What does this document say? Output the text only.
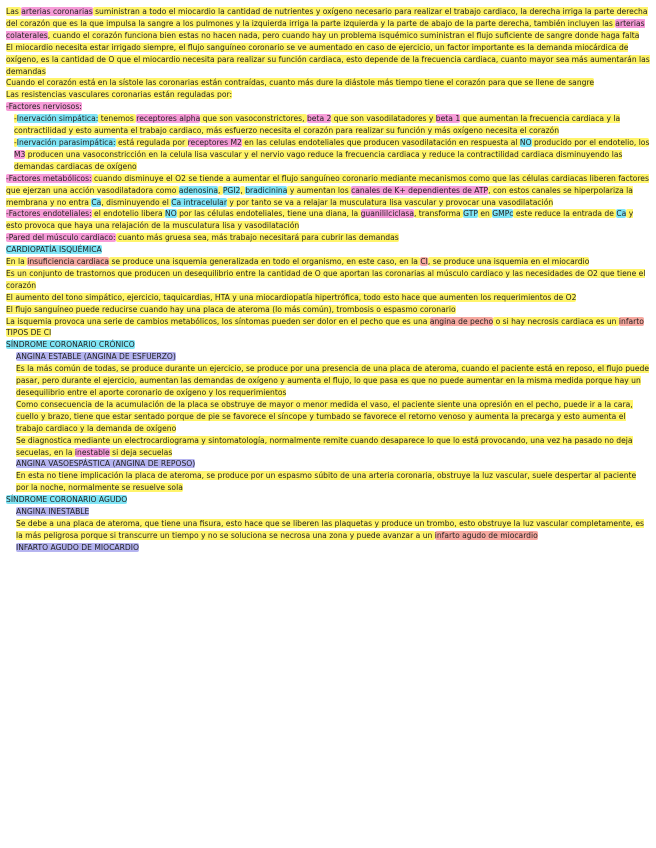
Las arterias coronarias suministran a todo el miocardio la cantidad de nutrientes y oxígeno necesario para realizar el trabajo cardiaco, la derecha irriga la parte derecha del corazón que es la que impulsa la sangre a los pulmones y la izquierda irriga la parte izquierda y la parte de abajo de la parte derecha, también incluyen las arterias colaterales, cuando el corazón funciona bien estas no hacen nada, pero cuando hay un problema isquémico suministran el flujo suficiente de sangre donde haga falta
El miocardio necesita estar irrigado siempre, el flujo sanguíneo coronario se ve aumentado en caso de ejercicio, un factor importante es la demanda miocárdica de oxígeno, es la cantidad de O que el miocardio necesita para realizar su función cardiaca, esto depende de la frecuencia cardiaca, cuanto mayor sea más aumentarán las demandas
Cuando el corazón está en la sístole las coronarias están contraídas, cuanto más dure la diástole más tiempo tiene el corazón para que se llene de sangre
Las resistencias vasculares coronarias están reguladas por:
-Factores nerviosos:
-Inervación simpática: tenemos receptores alpha que son vasoconstrictores, beta 2 que son vasodilatadores y beta 1 que aumentan la frecuencia cardiaca y la contractilidad y esto aumenta el trabajo cardiaco, más esfuerzo necesita el corazón para realizar su función y más oxígeno necesita el corazón
-Inervación parasimpática: está regulada por receptores M2 en las celulas endoteliales que producen vasodilatación en respuesta al NO producido por el endotelio, los M3 producen una vasoconstricción en la celula lisa vascular y el nervio vago reduce la frecuencia cardiaca y reduce la contractilidad cardiaca disminuyendo las demandas cardiacas de oxígeno
-Factores metabólicos: cuando disminuye el O2 se tiende a aumentar el flujo sanguíneo coronario mediante mecanismos como que las células cardiacas liberen factores que ejerzan una acción vasodilatadora como adenosina, PGI2, bradicinina y aumentan los canales de K+ dependientes de ATP, con estos canales se hiperpolariza la membrana y no entra Ca, disminuyendo el Ca intracelular y por tanto se va a relajar la musculatura lisa vascular y provocar una vasodilatación
-Factores endoteliales: el endotelio libera NO por las células endoteliales, tiene una diana, la guanililciclasa, transforma GTP en GMPc este reduce la entrada de Ca y esto provoca que haya una relajación de la musculatura lisa y vasodilatación
-Pared del músculo cardiaco: cuanto más gruesa sea, más trabajo necesitará para cubrir las demandas
CARDIOPATÍA ISQUÉMICA
En la insuficiencia cardiaca se produce una isquemia generalizada en todo el organismo, en este caso, en la CI, se produce una isquemia en el miocardio
Es un conjunto de trastornos que producen un desequilibrio entre la cantidad de O que aportan las coronarias al músculo cardiaco y las necesidades de O2 que tiene el corazón
El aumento del tono simpático, ejercicio, taquicardias, HTA y una miocardiopatía hipertrófica, todo esto hace que aumenten los requerimientos de O2
El flujo sanguíneo puede reducirse cuando hay una placa de ateroma (lo más común), trombosis o espasmo coronario
La isquemia provoca una serie de cambios metabólicos, los síntomas pueden ser dolor en el pecho que es una angina de pecho o si hay necrosis cardiaca es un infarto
TIPOS DE CI
SÍNDROME CORONARIO CRÓNICO
ANGINA ESTABLE (ANGINA DE ESFUERZO)
Es la más común de todas, se produce durante un ejercicio, se produce por una presencia de una placa de ateroma, cuando el paciente está en reposo, el flujo puede pasar, pero durante el ejercicio, aumentan las demandas de oxígeno y aumenta el flujo, lo que pasa es que no puede aumentar en la misma medida porque hay un desequilibrio entre el aporte coronario de oxígeno y los requerimientos
Como consecuencia de la acumulación de la placa se obstruye de mayor o menor medida el vaso, el paciente siente una opresión en el pecho, puede ir a la cara, cuello y brazo, tiene que estar sentado porque de pie se favorece el síncope y tumbado se favorece el retorno venoso y aumenta la precarga y esto aumenta el trabajo cardiaco y la demanda de oxígeno
Se diagnostica mediante un electrocardiograma y sintomatología, normalmente remite cuando desaparece lo que lo está provocando, una vez ha pasado no deja secuelas, en la inestable si deja secuelas
ANGINA VASOESPÁSTICA (ANGINA DE REPOSO)
En esta no tiene implicación la placa de ateroma, se produce por un espasmo súbito de una arteria coronaria, obstruye la luz vascular, suele despertar al paciente por la noche, normalmente se resuelve sola
SÍNDROME CORONARIO AGUDO
ANGINA INESTABLE
Se debe a una placa de ateroma, que tiene una fisura, esto hace que se liberen las plaquetas y produce un trombo, esto obstruye la luz vascular completamente, es la más peligrosa porque si transcurre un tiempo y no se soluciona se necrosa una zona y puede avanzar a un infarto agudo de miocardio
INFARTO AGUDO DE MIOCARDIO
